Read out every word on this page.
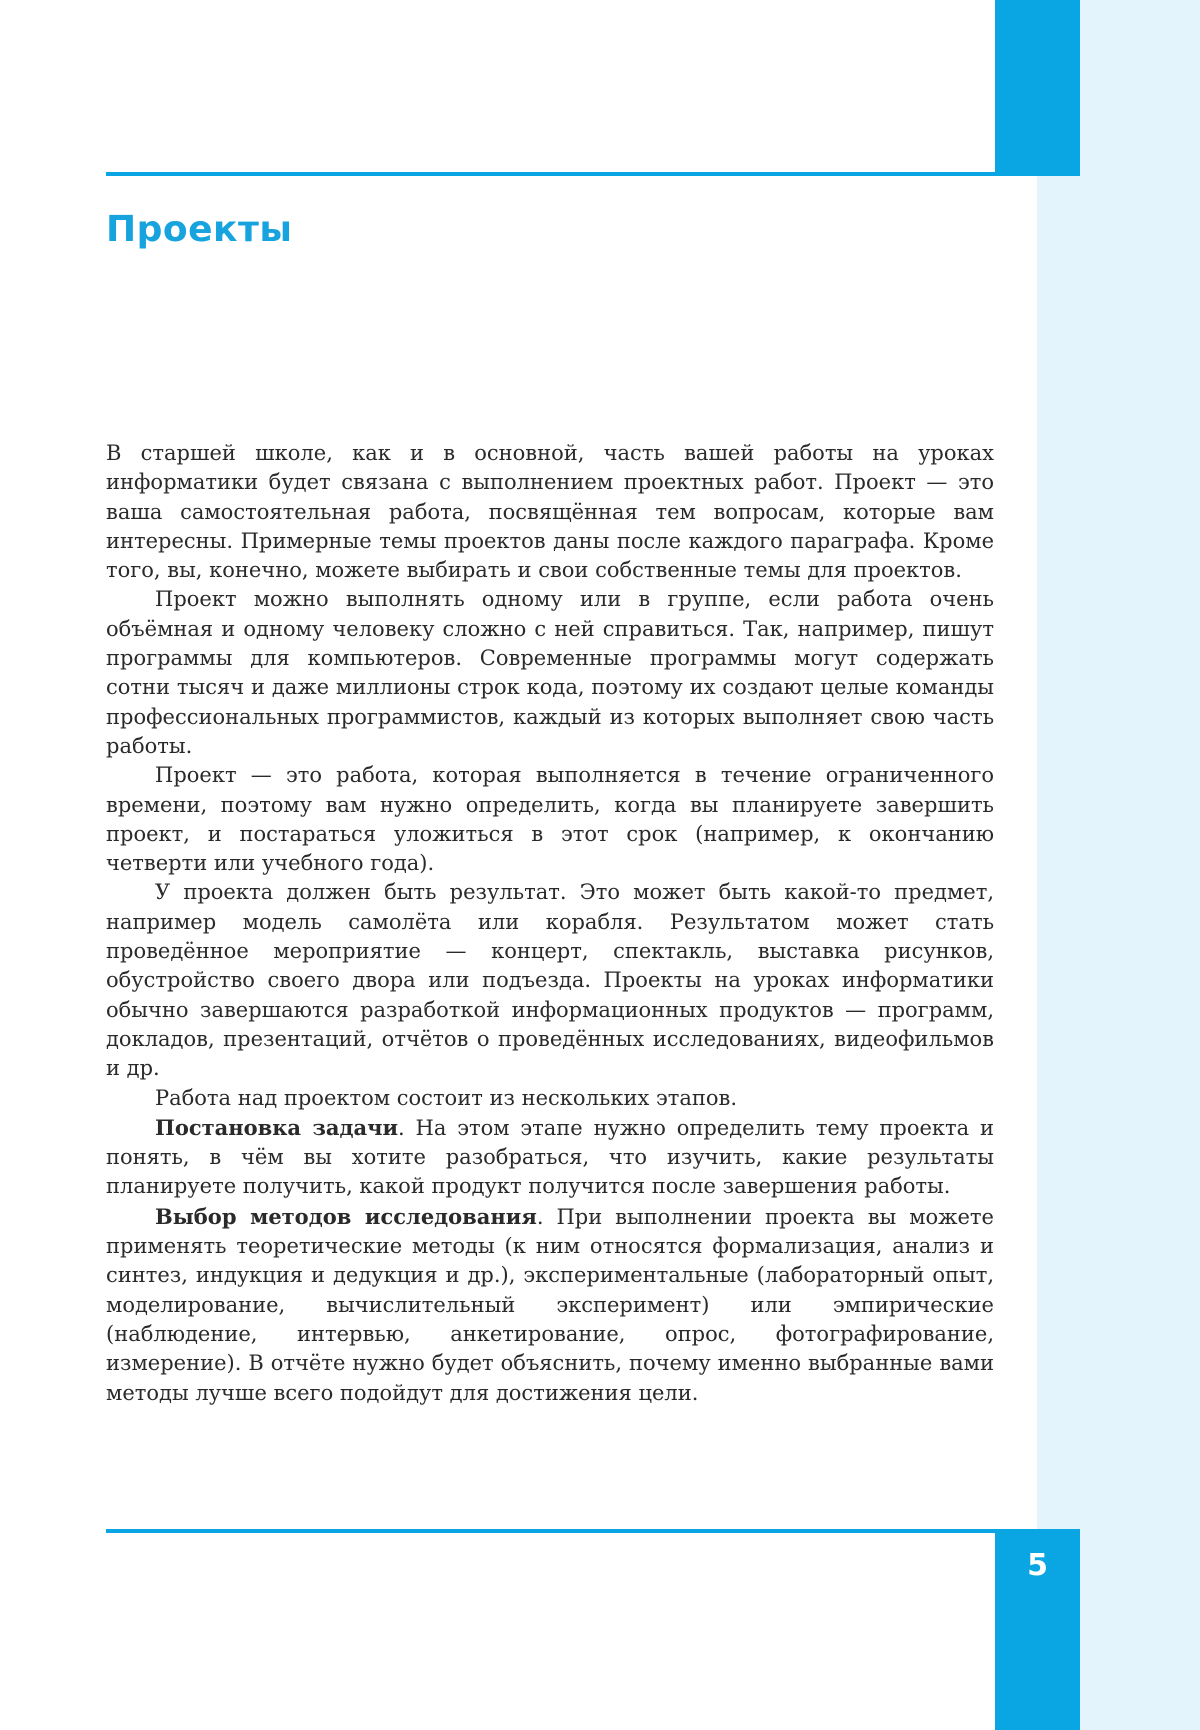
Проекты

В старшей школе, как и в основной, часть вашей работы на уроках информатики будет связана с выполнением проектных работ. Проект — это ваша самостоятельная работа, посвящённая тем вопросам, которые вам интересны. Примерные темы проектов даны после каждого параграфа. Кроме того, вы, конечно, можете выбирать и свои собственные темы для проектов.

Проект можно выполнять одному или в группе, если работа очень объёмная и одному человеку сложно с ней справиться. Так, например, пишут программы для компьютеров. Современные программы могут содержать сотни тысяч и даже миллионы строк кода, поэтому их создают целые команды профессиональных программистов, каждый из которых выполняет свою часть работы.

Проект — это работа, которая выполняется в течение ограниченного времени, поэтому вам нужно определить, когда вы планируете завершить проект, и постараться уложиться в этот срок (например, к окончанию четверти или учебного года).

У проекта должен быть результат. Это может быть какой-то предмет, например модель самолёта или корабля. Результатом может стать проведённое мероприятие — концерт, спектакль, выставка рисунков, обустройство своего двора или подъезда. Проекты на уроках информатики обычно завершаются разработкой информационных продуктов — программ, докладов, презентаций, отчётов о проведённых исследованиях, видеофильмов и др.

Работа над проектом состоит из нескольких этапов.

Постановка задачи. На этом этапе нужно определить тему проекта и понять, в чём вы хотите разобраться, что изучить, какие результаты планируете получить, какой продукт получится после завершения работы.

Выбор методов исследования. При выполнении проекта вы можете применять теоретические методы (к ним относятся формализация, анализ и синтез, индукция и дедукция и др.), экспериментальные (лабораторный опыт, моделирование, вычислительный эксперимент) или эмпирические (наблюдение, интервью, анкетирование, опрос, фотографирование, измерение). В отчёте нужно будет объяснить, почему именно выбранные вами методы лучше всего подойдут для достижения цели.

5
